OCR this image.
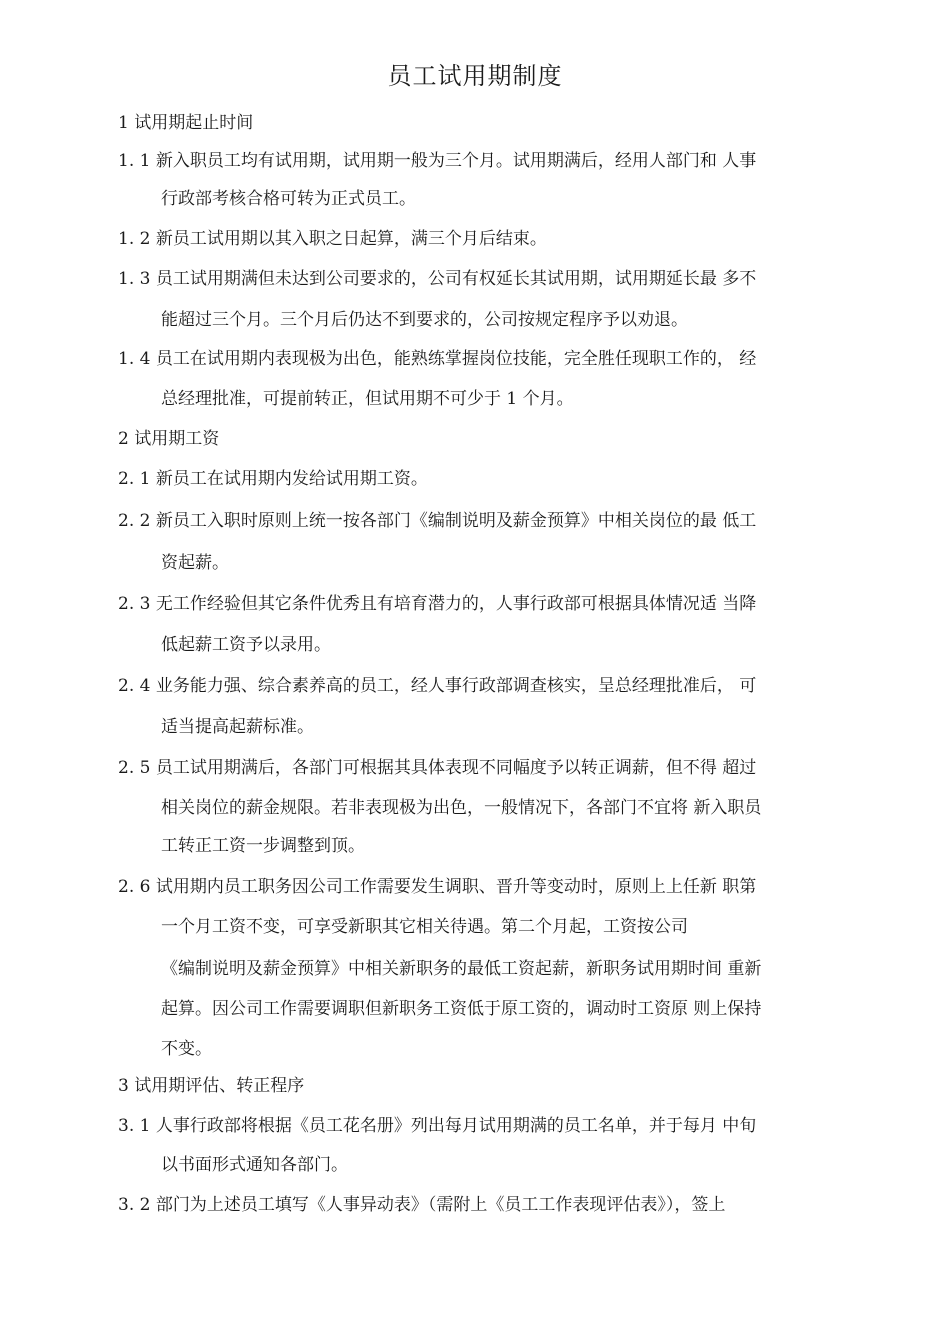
员工试用期制度
1 试用期起止时间
1. 1 新入职员工均有试用期，试用期一般为三个月。试用期满后，经用人部门和 人事
行政部考核合格可转为正式员工。
1. 2 新员工试用期以其入职之日起算，满三个月后结束。
1. 3 员工试用期满但未达到公司要求的，公司有权延长其试用期，试用期延长最 多不
能超过三个月。三个月后仍达不到要求的，公司按规定程序予以劝退。
1. 4 员工在试用期内表现极为出色，能熟练掌握岗位技能，完全胜任现职工作的， 经
总经理批准，可提前转正，但试用期不可少于 1 个月。
2 试用期工资
2. 1 新员工在试用期内发给试用期工资。
2. 2 新员工入职时原则上统一按各部门《编制说明及薪金预算》中相关岗位的最 低工
资起薪。
2. 3 无工作经验但其它条件优秀且有培育潜力的，人事行政部可根据具体情况适 当降
低起薪工资予以录用。
2. 4 业务能力强、综合素养高的员工，经人事行政部调查核实，呈总经理批准后， 可
适当提高起薪标准。
2. 5 员工试用期满后，各部门可根据其具体表现不同幅度予以转正调薪，但不得 超过
相关岗位的薪金规限。若非表现极为出色，一般情况下，各部门不宜将 新入职员
工转正工资一步调整到顶。
2. 6 试用期内员工职务因公司工作需要发生调职、晋升等变动时，原则上上任新 职第
一个月工资不变，可享受新职其它相关待遇。第二个月起，工资按公司
《编制说明及薪金预算》中相关新职务的最低工资起薪，新职务试用期时间 重新
起算。因公司工作需要调职但新职务工资低于原工资的，调动时工资原 则上保持
不变。
3 试用期评估、转正程序
3. 1 人事行政部将根据《员工花名册》列出每月试用期满的员工名单，并于每月 中旬
以书面形式通知各部门。
3. 2 部门为上述员工填写《人事异动表》（需附上《员工工作表现评估表》），签上
